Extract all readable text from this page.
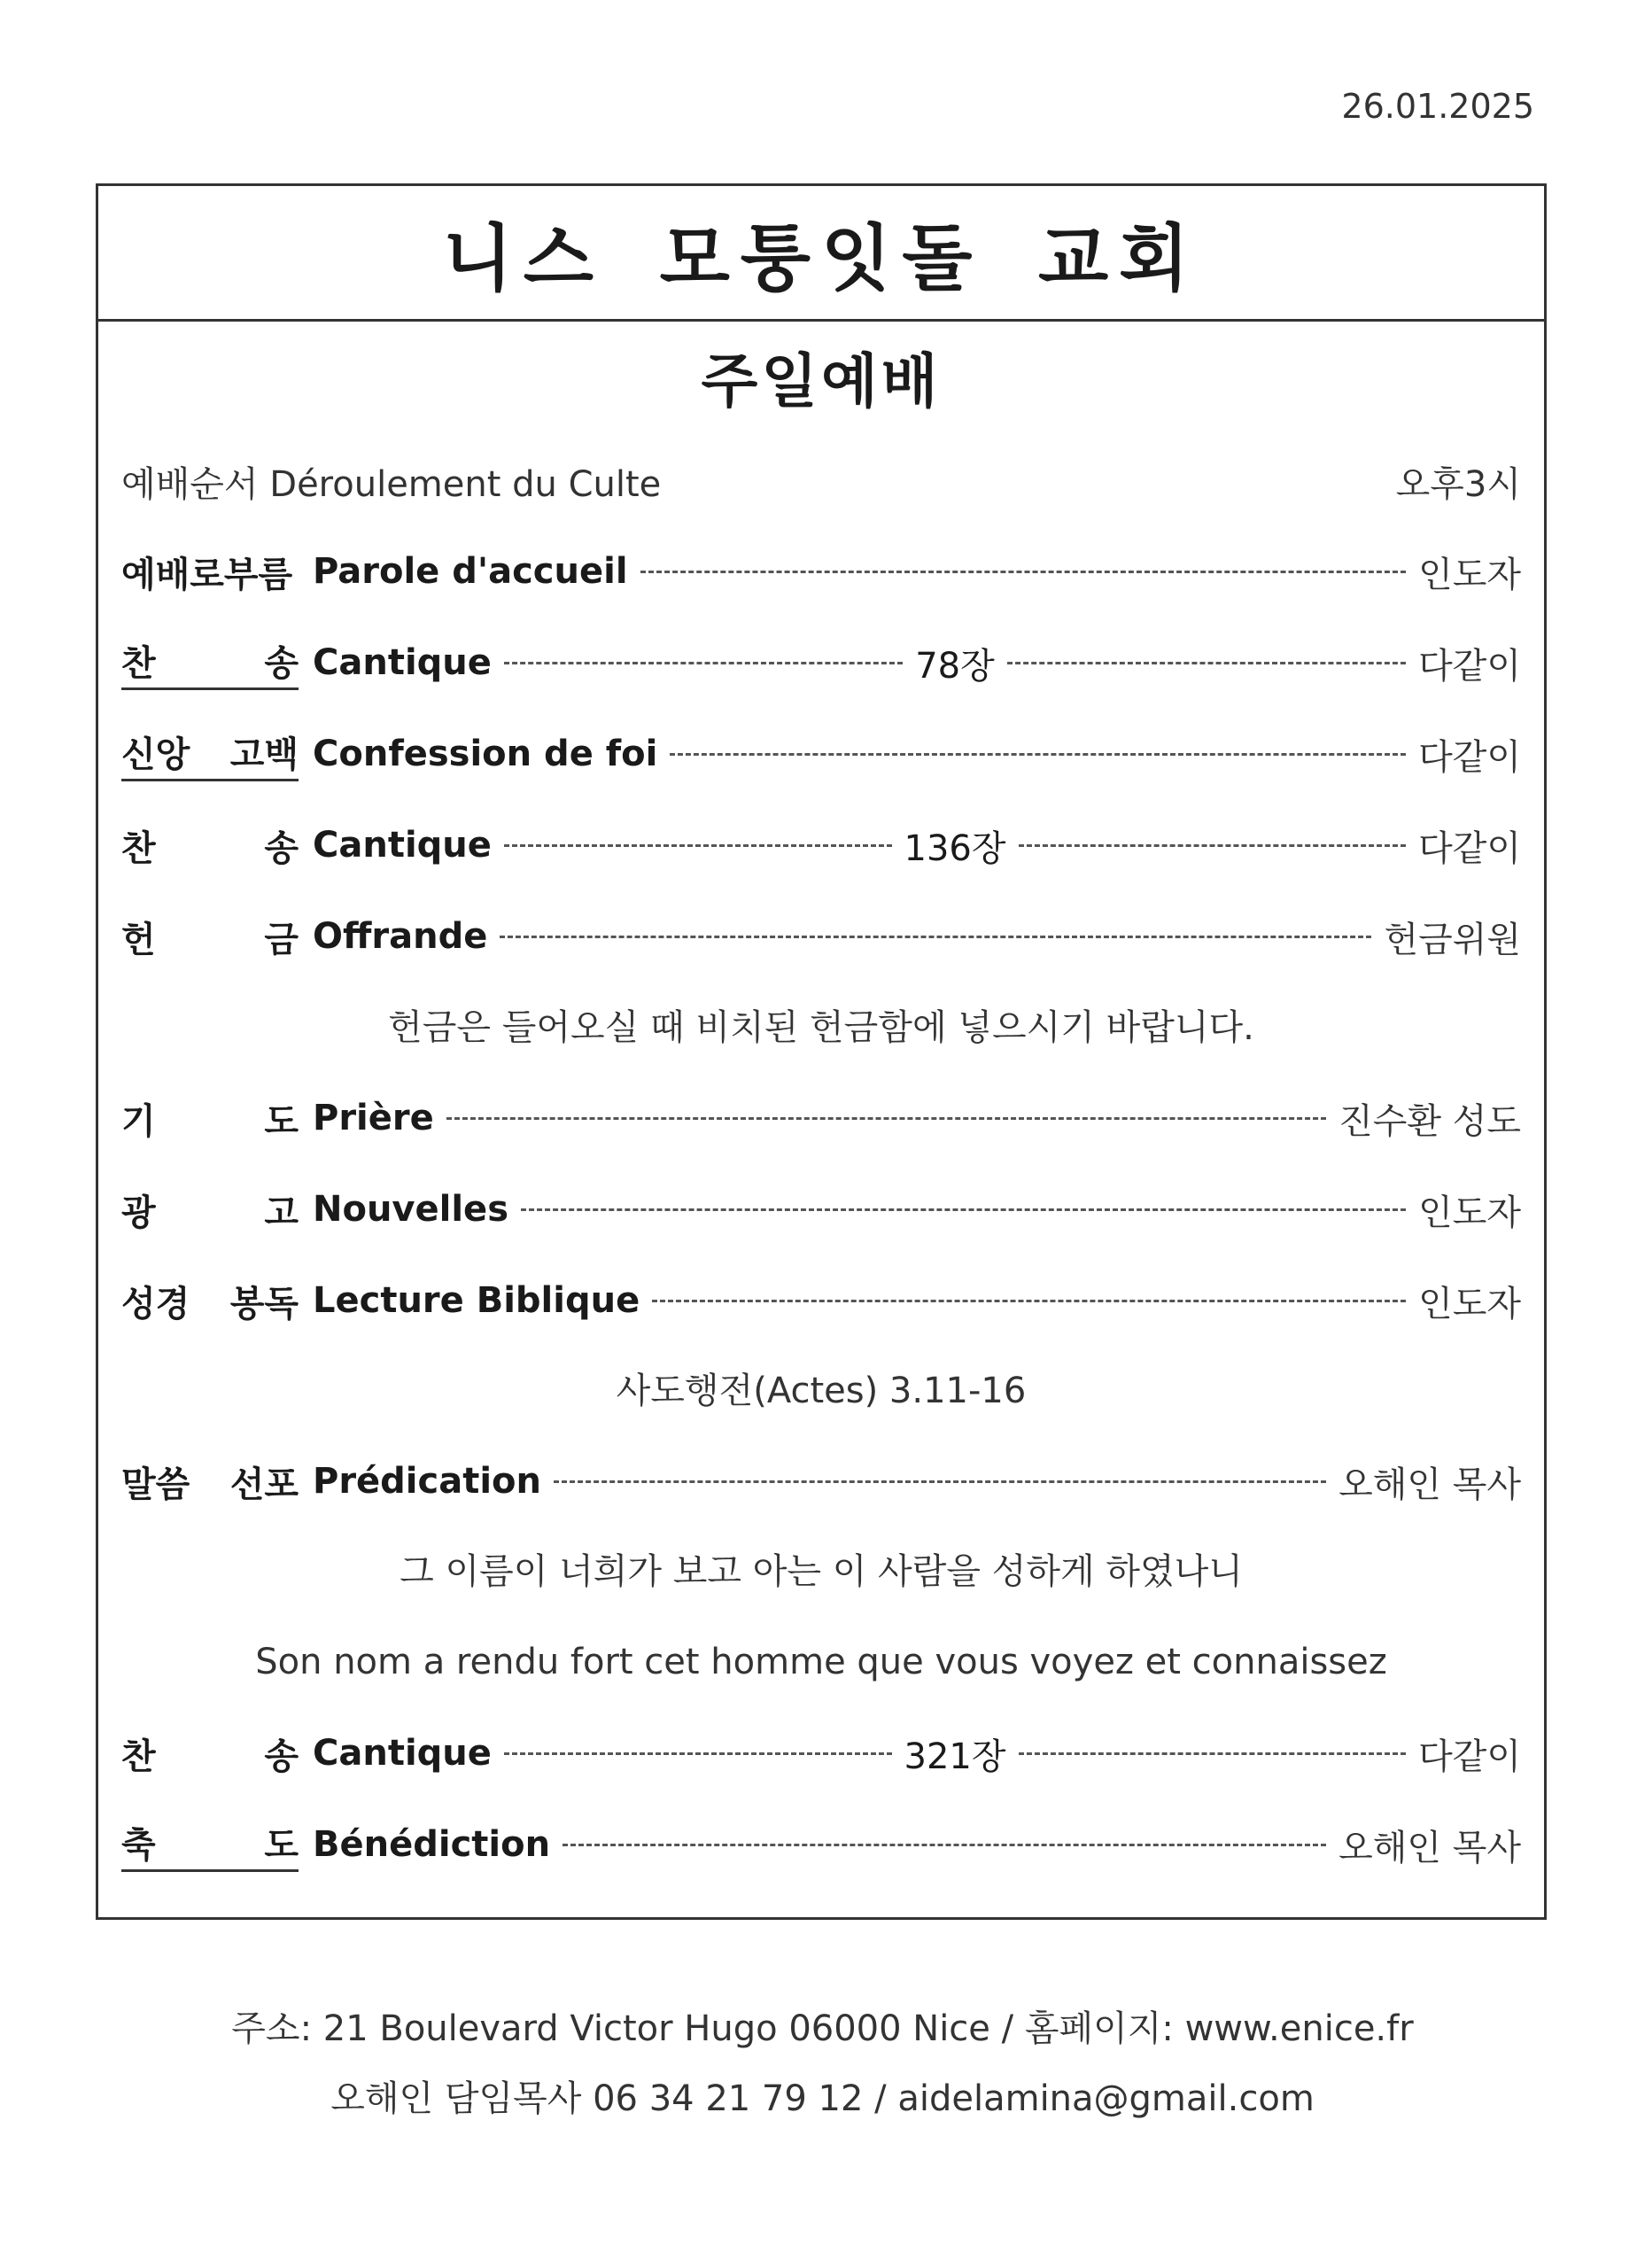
26.01.2025
니스 모퉁잇돌 교회
주일예배
예배순서 Déroulement du Culte	오후3시
예배로부름 Parole d'accueil	인도자
찬	송 Cantique	78장	다같이
신앙 고백 Confession de foi	다같이
찬	송 Cantique	136장	다같이
헌	금 Offrande	헌금위원
헌금은 들어오실 때 비치된 헌금함에 넣으시기 바랍니다.
기	도 Prière	진수환 성도
광	고 Nouvelles	인도자
성경 봉독 Lecture Biblique	인도자
사도행전(Actes) 3.11-16
말씀 선포 Prédication	오해인 목사
그 이름이 너희가 보고 아는 이 사람을 성하게 하였나니
Son nom a rendu fort cet homme que vous voyez et connaissez
찬	송 Cantique	321장	다같이
축	도 Bénédiction	오해인 목사
주소: 21 Boulevard Victor Hugo 06000 Nice / 홈페이지: www.enice.fr
오해인 담임목사 06 34 21 79 12 / aidelamina@gmail.com
